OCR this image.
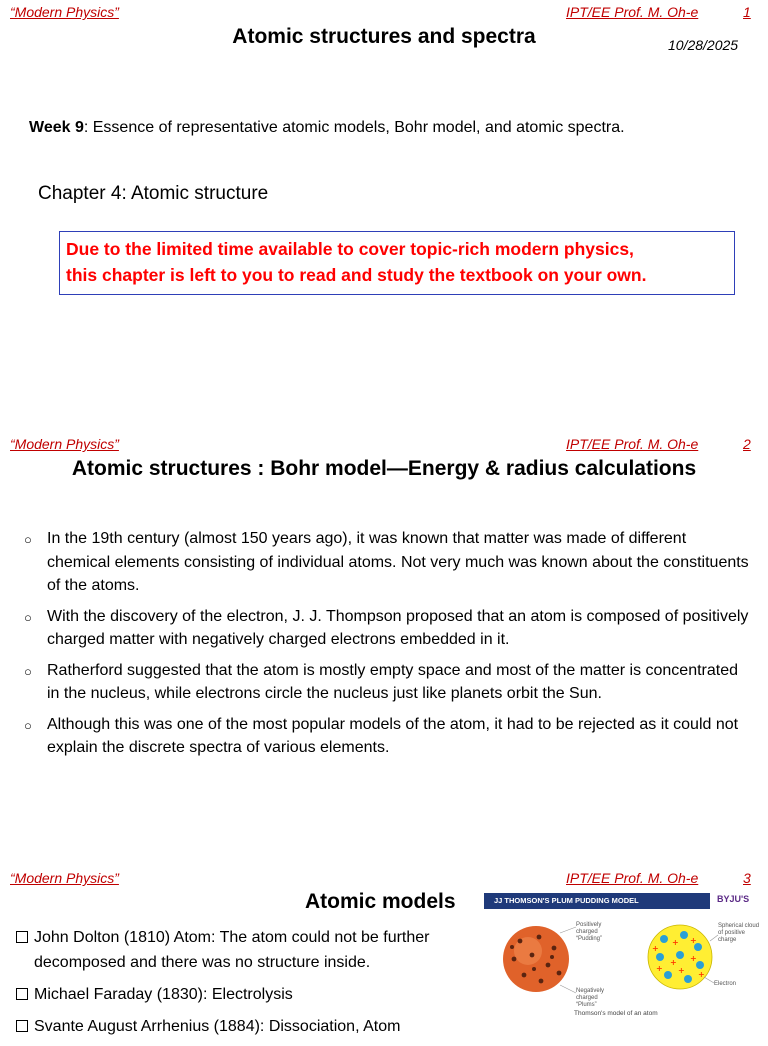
“Modern Physics”	IPT/EE Prof. M. Oh-e	1
Atomic structures and spectra	10/28/2025
Week 9: Essence of representative atomic models, Bohr model, and atomic spectra.
Chapter 4: Atomic structure
Due to the limited time available to cover topic-rich modern physics,
this chapter is left to you to read and study the textbook on your own.
“Modern Physics”	IPT/EE Prof. M. Oh-e	2
Atomic structures : Bohr model—Energy & radius calculations
○ In the 19th century (almost 150 years ago), it was known that matter was made of different chemical elements consisting of individual atoms. Not very much was known about the constituents of the atoms.
○ With the discovery of the electron, J. J. Thompson proposed that an atom is composed of positively charged matter with negatively charged electrons embedded in it.
○ Ratherford suggested that the atom is mostly empty space and most of the matter is concentrated in the nucleus, while electrons circle the nucleus just like planets orbit the Sun.
○ Although this was one of the most popular models of the atom, it had to be rejected as it could not explain the discrete spectra of various elements.
“Modern Physics”	IPT/EE Prof. M. Oh-e	3
Atomic models
John Dolton (1810) Atom: The atom could not be further decomposed and there was no structure inside.
Michael Faraday (1830): Electrolysis
Svante August Arrhenius (1884): Dissociation, Atom
JJ THOMSON'S PLUM PUDDING MODEL	BYJU'S
+ +
+
+ +
+
+
+
Positively charged “Pudding”
Negatively charged “Plums”
Spherical cloud of positive charge
Electron
Thomson's model of an atom
